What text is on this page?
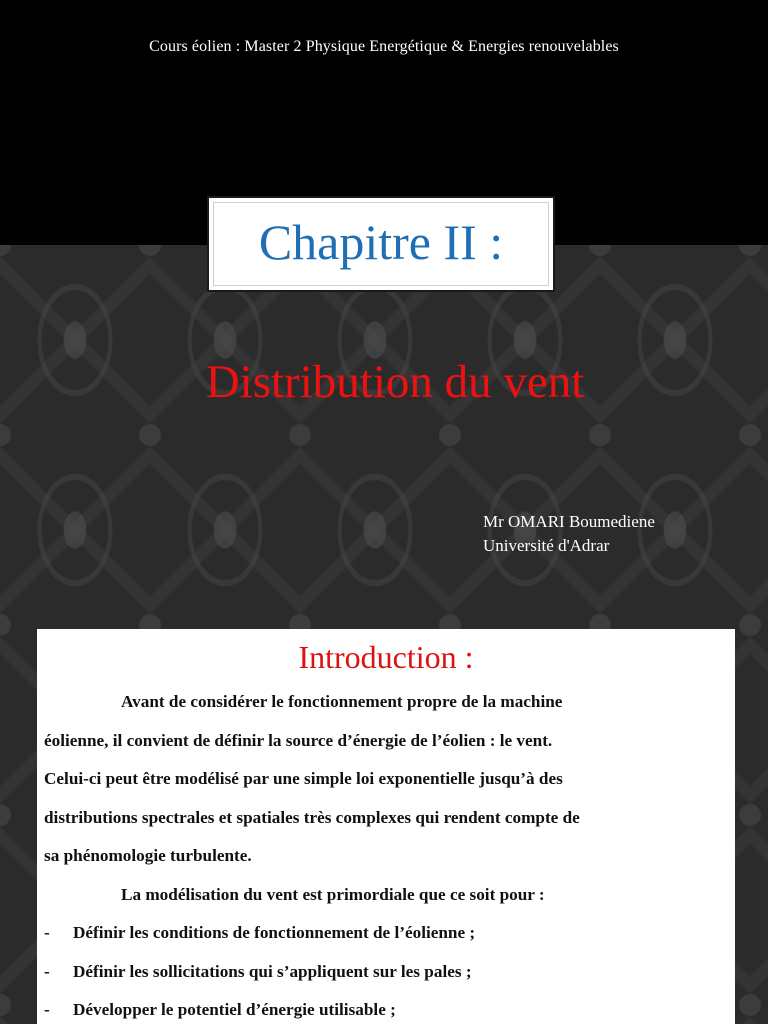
Cours éolien : Master 2 Physique Energétique & Energies renouvelables
Chapitre II :
Distribution du vent
Mr OMARI Boumediene
Université d'Adrar
Introduction :
Avant de considérer le fonctionnement propre de la machine
éolienne, il convient de définir la source d’énergie de l’éolien : le vent.
Celui-ci peut être modélisé par une simple loi exponentielle jusqu’à des
distributions spectrales et spatiales très complexes qui rendent compte de
sa phénomologie turbulente.
La modélisation du vent est primordiale que ce soit pour :
-	Définir les conditions de fonctionnement de l’éolienne ;
-	Définir les sollicitations qui s’appliquent sur les pales ;
-	Développer le potentiel d’énergie utilisable ;
